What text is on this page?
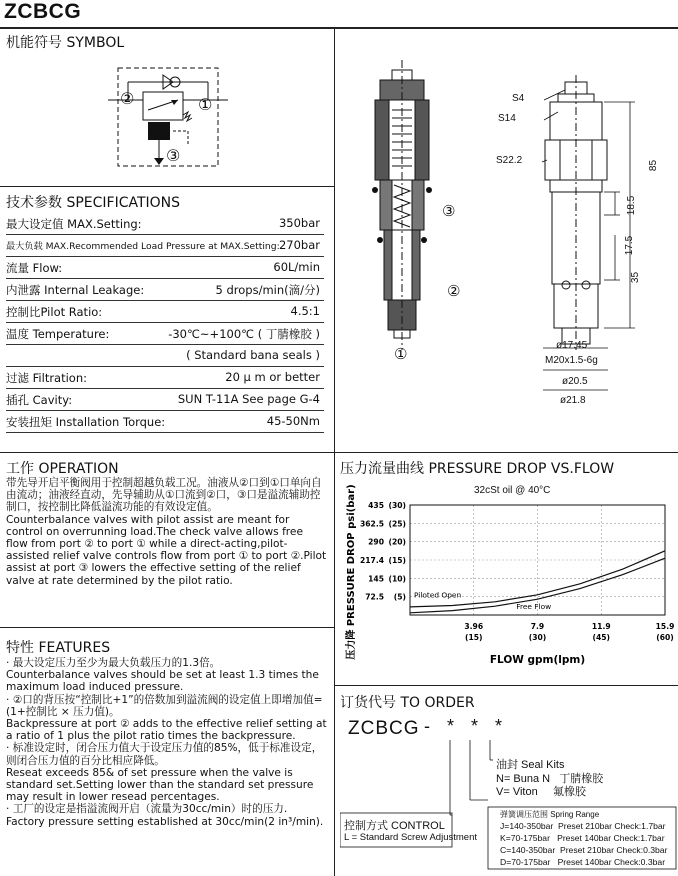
ZCBCG
机能符号 SYMBOL
②	①
③
技术参数 SPECIFICATIONS
最大设定值 MAX.Setting:	350bar
最大负载 MAX.Recommended Load Pressure at MAX.Setting: 270bar
流量 Flow:	60L/min
内泄露 Internal Leakage:	5 drops/min(滴/分)
控制比Pilot Ratio:	4.5:1
温度 Temperature:	-30℃~+100℃ ( 丁腈橡胶 )
( Standard bana seals )
过滤 Filtration:	20 μ m or better
插孔 Cavity:	SUN T-11A See page G-4
安装扭矩 Installation Torque:	45-50Nm
③
②
①
S4
S14
S22.2	85
18.5
17.5
35
ø17.45
M20x1.5-6g
ø20.5
ø21.8
工作 OPERATION

带先导开启平衡阀用于控制超越负载工况。油液从②口到①口单向自由流动；油液经直动，先导辅助从①口流到②口，③口是溢流辅助控制口，按控制比降低溢流功能的有效设定值。

Counterbalance valves with pilot assist are meant for control on overrunning load.The check valve allows free flow from port ② to port ① while a direct-acting,pilot-assisted relief valve controls flow from port ① to port ②.Pilot assist at port ③ lowers the effective setting of the relief valve at rate determined by the pilot ratio.

特性 FEATURES

· 最大设定压力至少为最大负载压力的1.3倍。

Counterbalance valves should be set at least 1.3 times the maximum load induced pressure.

· ②口的背压按“控制比+1”的倍数加到溢流阀的设定值上即增加值=(1+控制比 × 压力值)。

Backpressure at port ② adds to the effective relief setting at a ratio of 1 plus the pilot ratio times the backpressure.

· 标准设定时，闭合压力值大于设定压力值的85%，低于标准设定，则闭合压力值的百分比相应降低。

Reseat exceeds 85& of set pressure when the valve is standard set.Setting lower than the standard set pressure may result in lower resead percentages.

· 工厂的设定是指溢流阀开启（流量为30cc/min）时的压力.

Factory pressure setting established at 30cc/min(2 in³/min).

压力流量曲线 PRESSURE DROP VS.FLOW
32cSt oil @ 40°C
435 (30)
362.5 (25)
290 (20)
217.4 (15)
145 (10)
72.5 (5)
3.96
(15)
7.9
(30)
11.9
(45)
15.9
(60)
Piloted Open
Free Flow
FLOW gpm(lpm)
压力降 PRESSURE DROP psi(bar)
订货代号 TO ORDER
ZCBCG - * * *
油封 Seal Kits
N= Buna N   丁腈橡胶
V= Viton     氟橡胶
弹簧调压范围 Spring Range
J=140-350bar  Preset 210bar Check:1.7bar
K=70-175bar   Preset 140bar Check:1.7bar
C=140-350bar  Preset 210bar Check:0.3bar
D=70-175bar   Preset 140bar Check:0.3bar
控制方式 CONTROL
L = Standard Screw Adjustment
